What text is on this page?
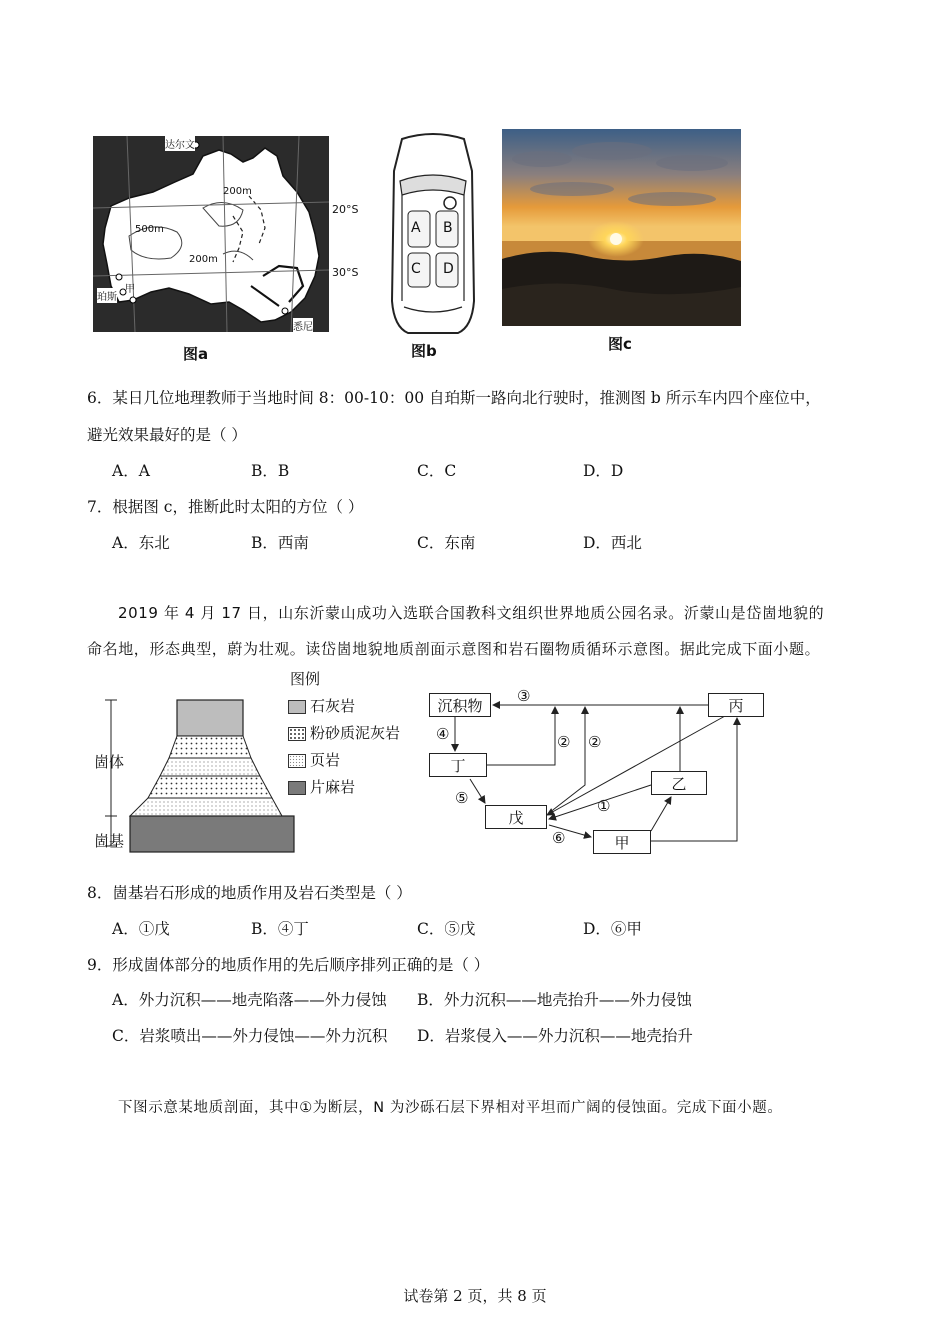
达尔文
珀斯
甲
悉尼
500m
200m
200m
20°S
30°S
图a
A B
C D
图b	图c
6．某日几位地理教师于当地时间 8：00-10：00 自珀斯一路向北行驶时，推测图 b 所示车内四个座位中，
避光效果最好的是（ ）
A．A	B．B	C．C	D．D
7．根据图 c，推断此时太阳的方位（ ）
A．东北	B．西南	C．东南	D．西北
2019 年 4 月 17 日，山东沂蒙山成功入选联合国教科文组织世界地质公园名录。沂蒙山是岱崮地貌的
命名地，形态典型，蔚为壮观。读岱崮地貌地质剖面示意图和岩石圈物质循环示意图。据此完成下面小题。
崮体
崮基
图例
石灰岩
粉砂质泥灰岩
页岩
片麻岩
沉积物	丙
丁
乙
戊
甲
③
④	② ②
⑤	①
⑥
8．崮基岩石形成的地质作用及岩石类型是（ ）
A．①戊	B．④丁	C．⑤戊	D．⑥甲
9．形成崮体部分的地质作用的先后顺序排列正确的是（ ）
A．外力沉积——地壳陷落——外力侵蚀 B．外力沉积——地壳抬升——外力侵蚀
C．岩浆喷出——外力侵蚀——外力沉积 D．岩浆侵入——外力沉积——地壳抬升
下图示意某地质剖面，其中①为断层，N 为沙砾石层下界相对平坦而广阔的侵蚀面。完成下面小题。
试卷第 2 页，共 8 页
